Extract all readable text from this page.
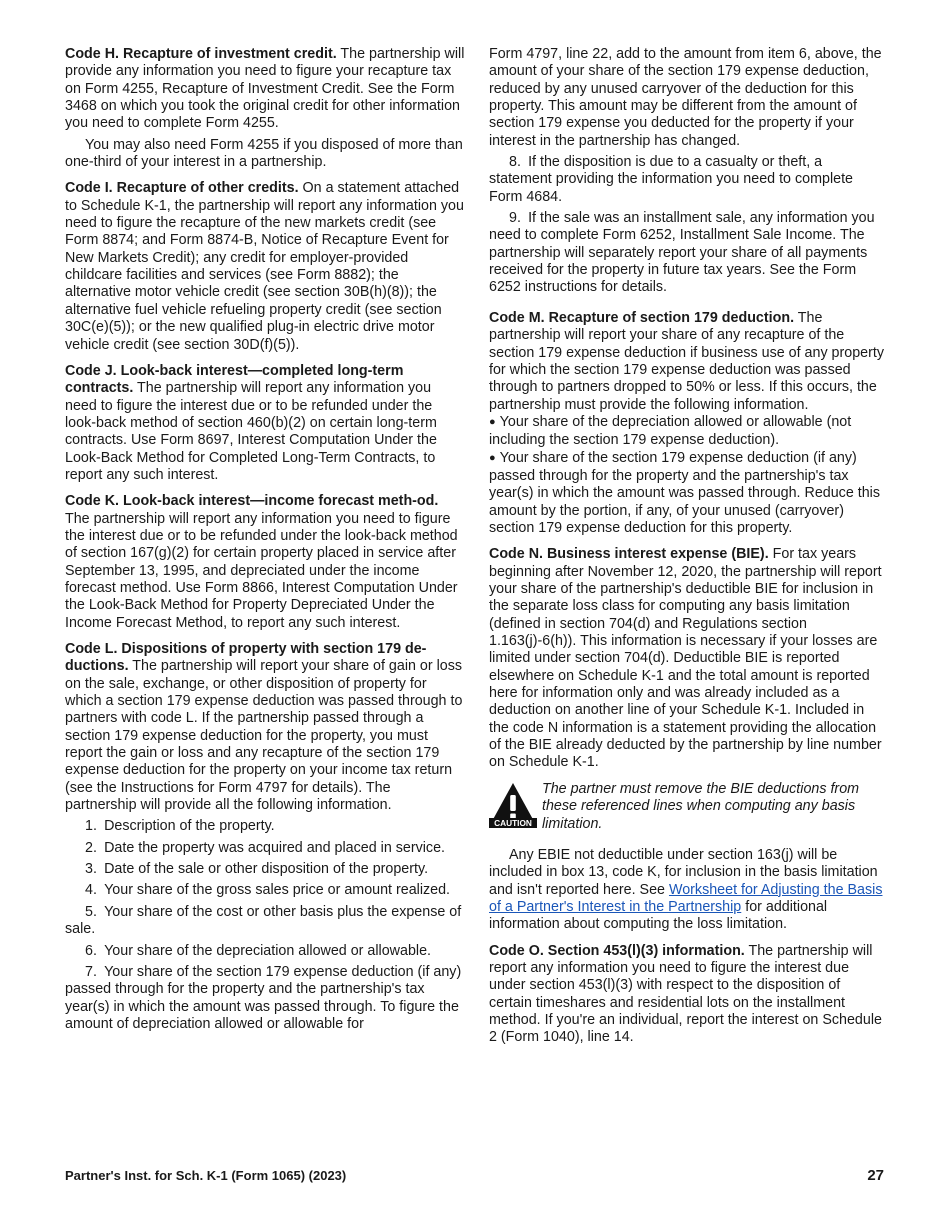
Code H. Recapture of investment credit. The partnership will provide any information you need to figure your recapture tax on Form 4255, Recapture of Investment Credit. See the Form 3468 on which you took the original credit for other information you need to complete Form 4255.

You may also need Form 4255 if you disposed of more than one-third of your interest in a partnership.

Code I. Recapture of other credits. On a statement attached to Schedule K-1, the partnership will report any information you need to figure the recapture of the new markets credit (see Form 8874; and Form 8874-B, Notice of Recapture Event for New Markets Credit); any credit for employer-provided childcare facilities and services (see Form 8882); the alternative motor vehicle credit (see section 30B(h)(8)); the alternative fuel vehicle refueling property credit (see section 30C(e)(5)); or the new qualified plug-in electric drive motor vehicle credit (see section 30D(f)(5)).

Code J. Look-back interest—completed long-term contracts. The partnership will report any information you need to figure the interest due or to be refunded under the look-back method of section 460(b)(2) on certain long-term contracts. Use Form 8697, Interest Computation Under the Look-Back Method for Completed Long-Term Contracts, to report any such interest.

Code K. Look-back interest—income forecast meth-od. The partnership will report any information you need to figure the interest due or to be refunded under the look-back method of section 167(g)(2) for certain property placed in service after September 13, 1995, and depreciated under the income forecast method. Use Form 8866, Interest Computation Under the Look-Back Method for Property Depreciated Under the Income Forecast Method, to report any such interest.

Code L. Dispositions of property with section 179 de-ductions. The partnership will report your share of gain or loss on the sale, exchange, or other disposition of property for which a section 179 expense deduction was passed through to partners with code L. If the partnership passed through a section 179 expense deduction for the property, you must report the gain or loss and any recapture of the section 179 expense deduction for the property on your income tax return (see the Instructions for Form 4797 for details). The partnership will provide all the following information.

1. Description of the property.

2. Date the property was acquired and placed in service.

3. Date of the sale or other disposition of the property.

4. Your share of the gross sales price or amount realized.

5. Your share of the cost or other basis plus the expense of sale.

6. Your share of the depreciation allowed or allowable.

7. Your share of the section 179 expense deduction (if any) passed through for the property and the partnership's tax year(s) in which the amount was passed through. To figure the amount of depreciation allowed or allowable for

Form 4797, line 22, add to the amount from item 6, above, the amount of your share of the section 179 expense deduction, reduced by any unused carryover of the deduction for this property. This amount may be different from the amount of section 179 expense you deducted for the property if your interest in the partnership has changed.

8. If the disposition is due to a casualty or theft, a statement providing the information you need to complete Form 4684.

9. If the sale was an installment sale, any information you need to complete Form 6252, Installment Sale Income. The partnership will separately report your share of all payments received for the property in future tax years. See the Form 6252 instructions for details.

Code M. Recapture of section 179 deduction. The partnership will report your share of any recapture of the section 179 expense deduction if business use of any property for which the section 179 expense deduction was passed through to partners dropped to 50% or less. If this occurs, the partnership must provide the following information.

● Your share of the depreciation allowed or allowable (not including the section 179 expense deduction).

● Your share of the section 179 expense deduction (if any) passed through for the property and the partnership's tax year(s) in which the amount was passed through. Reduce this amount by the portion, if any, of your unused (carryover) section 179 expense deduction for this property.

Code N. Business interest expense (BIE). For tax years beginning after November 12, 2020, the partnership will report your share of the partnership's deductible BIE for inclusion in the separate loss class for computing any basis limitation (defined in section 704(d) and Regulations section 1.163(j)-6(h)). This information is necessary if your losses are limited under section 704(d). Deductible BIE is reported elsewhere on Schedule K-1 and the total amount is reported here for information only and was already included as a deduction on another line of your Schedule K-1. Included in the code N information is a statement providing the allocation of the BIE already deducted by the partnership by line number on Schedule K-1.

CAUTION
The partner must remove the BIE deductions from these referenced lines when computing any basis limitation.

Any EBIE not deductible under section 163(j) will be included in box 13, code K, for inclusion in the basis limitation and isn't reported here. See Worksheet for Adjusting the Basis of a Partner's Interest in the Partnership for additional information about computing the loss limitation.

Code O. Section 453(l)(3) information. The partnership will report any information you need to figure the interest due under section 453(l)(3) with respect to the disposition of certain timeshares and residential lots on the installment method. If you're an individual, report the interest on Schedule 2 (Form 1040), line 14.

Partner's Inst. for Sch. K-1 (Form 1065) (2023)	27
